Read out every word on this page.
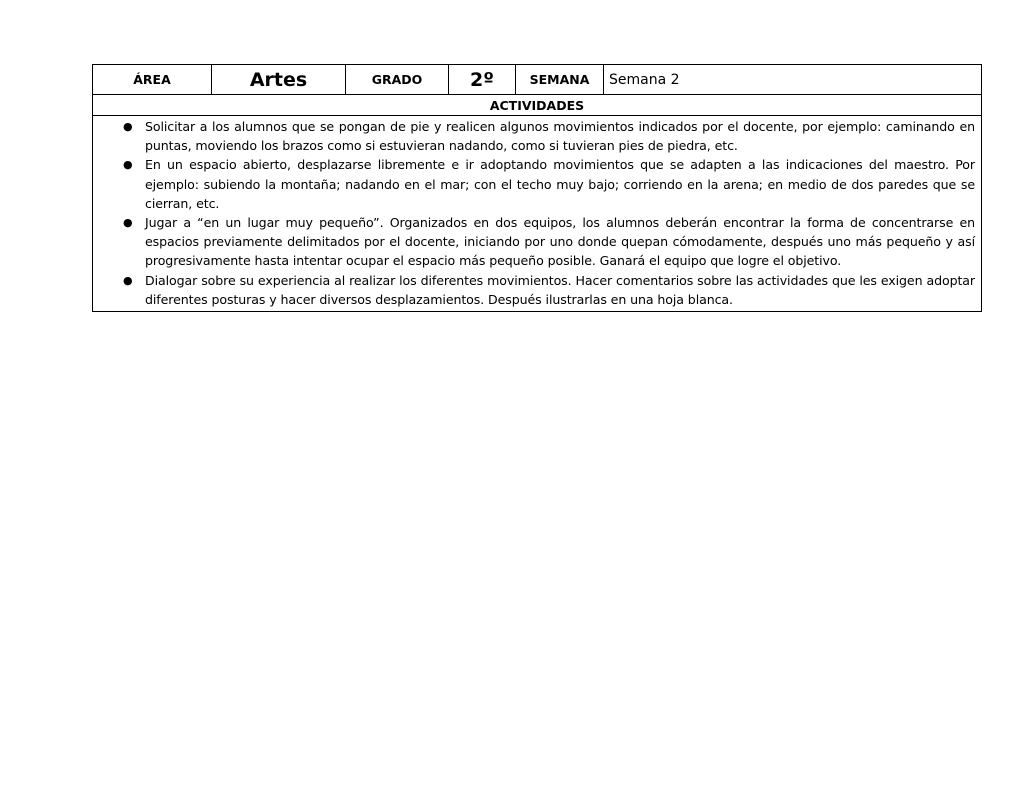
ÁREA	Artes	GRADO	2º	SEMANA	Semana 2
ACTIVIDADES

● Solicitar a los alumnos que se pongan de pie y realicen algunos movimientos indicados por el docente, por ejemplo: caminando en puntas, moviendo los brazos como si estuvieran nadando, como si tuvieran pies de piedra, etc.
● En un espacio abierto, desplazarse libremente e ir adoptando movimientos que se adapten a las indicaciones del maestro. Por ejemplo: subiendo la montaña; nadando en el mar; con el techo muy bajo; corriendo en la arena; en medio de dos paredes que se cierran, etc.
● Jugar a “en un lugar muy pequeño”. Organizados en dos equipos, los alumnos deberán encontrar la forma de concentrarse en espacios previamente delimitados por el docente, iniciando por uno donde quepan cómodamente, después uno más pequeño y así progresivamente hasta intentar ocupar el espacio más pequeño posible. Ganará el equipo que logre el objetivo.
● Dialogar sobre su experiencia al realizar los diferentes movimientos. Hacer comentarios sobre las actividades que les exigen adoptar diferentes posturas y hacer diversos desplazamientos. Después ilustrarlas en una hoja blanca.
